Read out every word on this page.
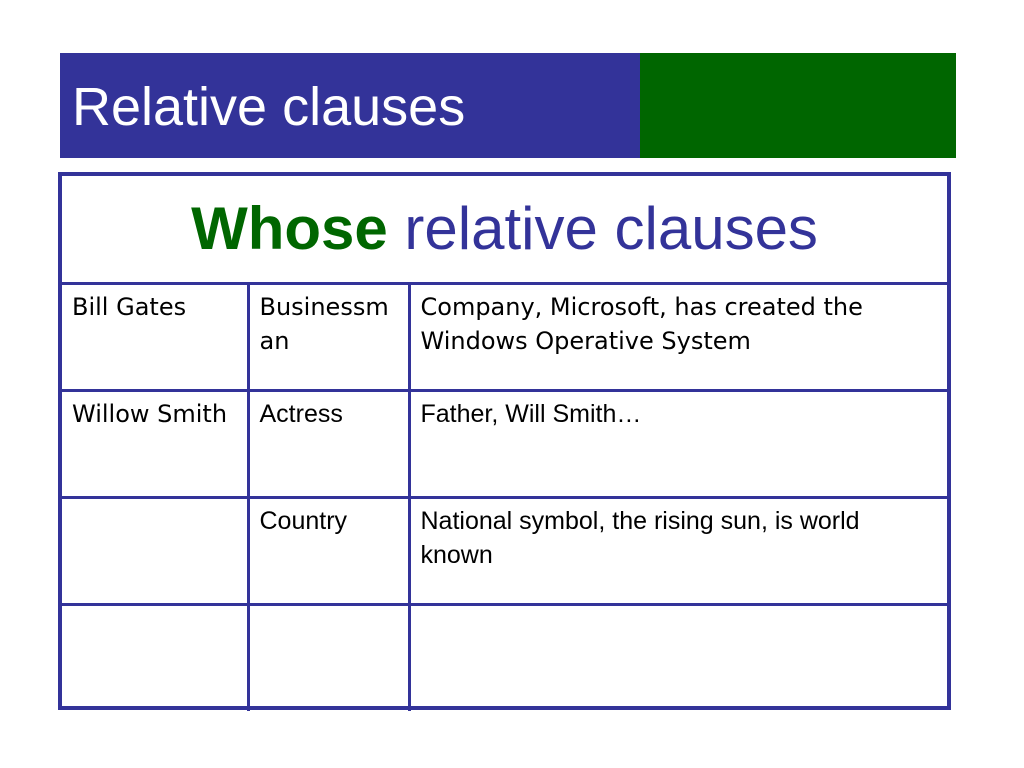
Relative clauses
Whose relative clauses		
Bill Gates	Businessm an	Company, Microsoft, has created the Windows Operative System
Willow Smith	Actress	Father, Will Smith…
	Country	National symbol, the rising sun, is world known
